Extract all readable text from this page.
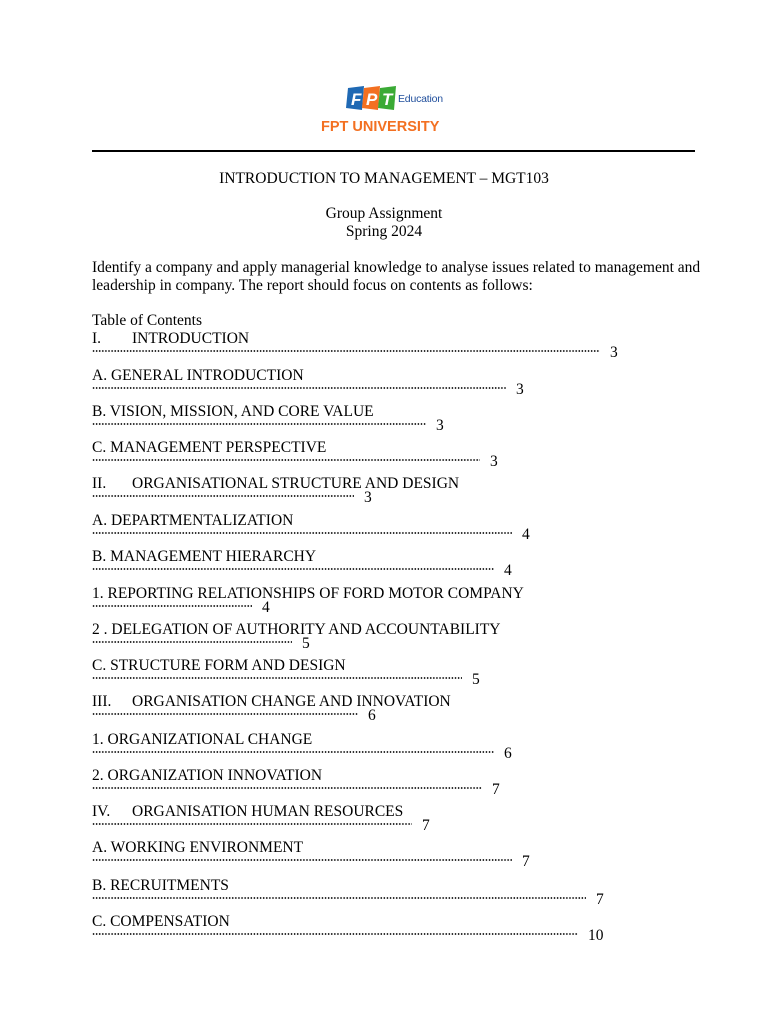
F P T Education
FPT UNIVERSITY
INTRODUCTION TO MANAGEMENT – MGT103
Group Assignment
Spring 2024
Identify a company and apply managerial knowledge to analyse issues related to management and leadership in company. The report should focus on contents as follows:
Table of Contents
I. INTRODUCTION
3
A. GENERAL INTRODUCTION
3
B. VISION, MISSION, AND CORE VALUE
3
C. MANAGEMENT PERSPECTIVE
3
II. ORGANISATIONAL STRUCTURE AND DESIGN
3
A. DEPARTMENTALIZATION
4
B. MANAGEMENT HIERARCHY
4
1. REPORTING RELATIONSHIPS OF FORD MOTOR COMPANY
4
2 . DELEGATION OF AUTHORITY AND ACCOUNTABILITY
5
C. STRUCTURE FORM AND DESIGN
5
III. ORGANISATION CHANGE AND INNOVATION
6
1. ORGANIZATIONAL CHANGE
6
2. ORGANIZATION INNOVATION
7
IV. ORGANISATION HUMAN RESOURCES
7
A. WORKING ENVIRONMENT
7
B. RECRUITMENTS
7
C. COMPENSATION
10
